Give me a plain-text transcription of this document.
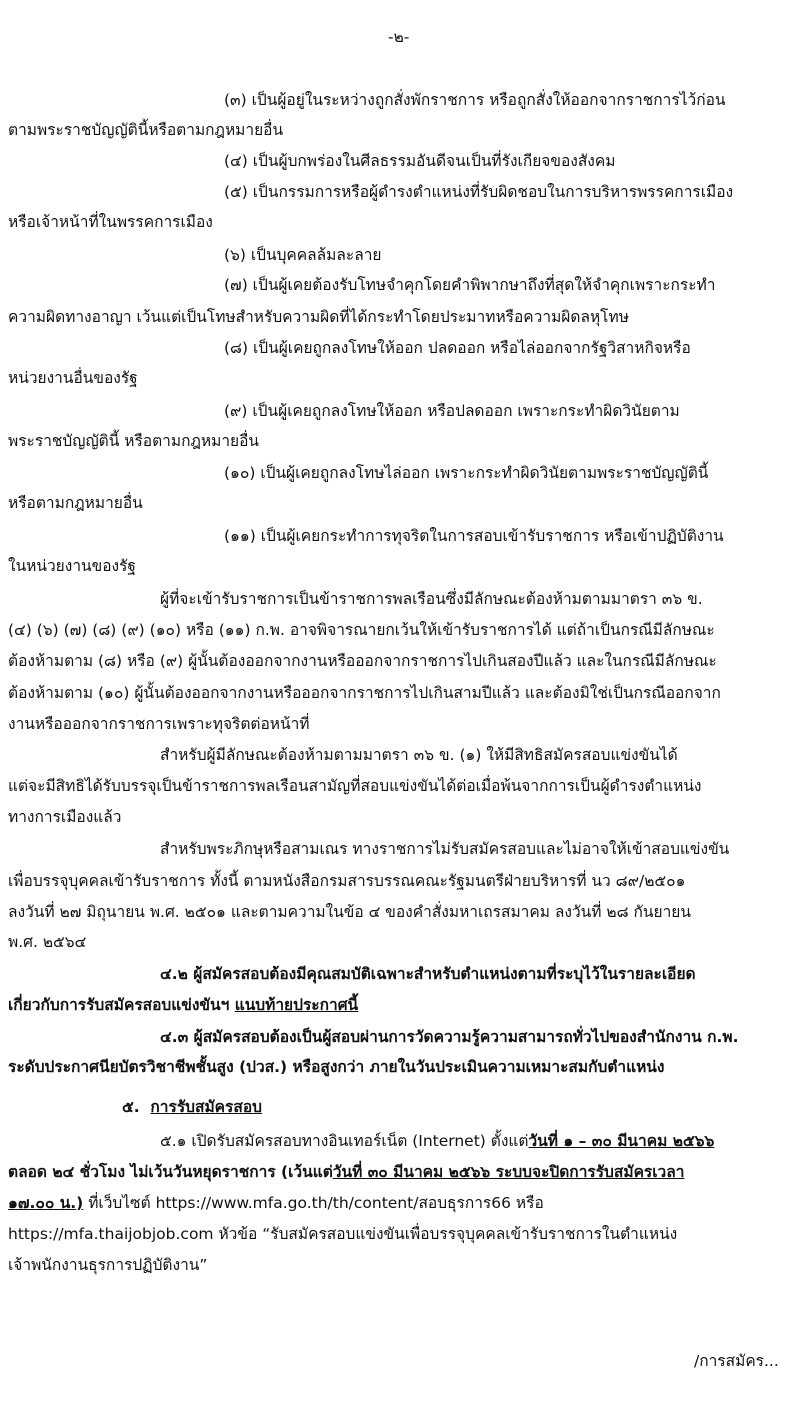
-๒-
(๓) เป็นผู้อยู่ในระหว่างถูกสั่งพักราชการ หรือถูกสั่งให้ออกจากราชการไว้ก่อน
ตามพระราชบัญญัตินี้หรือตามกฎหมายอื่น
(๔) เป็นผู้บกพร่องในศีลธรรมอันดีจนเป็นที่รังเกียจของสังคม
(๕) เป็นกรรมการหรือผู้ดำรงตำแหน่งที่รับผิดชอบในการบริหารพรรคการเมือง
หรือเจ้าหน้าที่ในพรรคการเมือง
(๖) เป็นบุคคลล้มละลาย
(๗) เป็นผู้เคยต้องรับโทษจำคุกโดยคำพิพากษาถึงที่สุดให้จำคุกเพราะกระทำ
ความผิดทางอาญา เว้นแต่เป็นโทษสำหรับความผิดที่ได้กระทำโดยประมาทหรือความผิดลหุโทษ
(๘) เป็นผู้เคยถูกลงโทษให้ออก ปลดออก หรือไล่ออกจากรัฐวิสาหกิจหรือ
หน่วยงานอื่นของรัฐ
(๙) เป็นผู้เคยถูกลงโทษให้ออก หรือปลดออก เพราะกระทำผิดวินัยตาม
พระราชบัญญัตินี้ หรือตามกฎหมายอื่น
(๑๐) เป็นผู้เคยถูกลงโทษไล่ออก เพราะกระทำผิดวินัยตามพระราชบัญญัตินี้
หรือตามกฎหมายอื่น
(๑๑) เป็นผู้เคยกระทำการทุจริตในการสอบเข้ารับราชการ หรือเข้าปฏิบัติงาน
ในหน่วยงานของรัฐ
ผู้ที่จะเข้ารับราชการเป็นข้าราชการพลเรือนซึ่งมีลักษณะต้องห้ามตามมาตรา ๓๖ ข.
(๔) (๖) (๗) (๘) (๙) (๑๐) หรือ (๑๑) ก.พ. อาจพิจารณายกเว้นให้เข้ารับราชการได้ แต่ถ้าเป็นกรณีมีลักษณะ
ต้องห้ามตาม (๘) หรือ (๙) ผู้นั้นต้องออกจากงานหรือออกจากราชการไปเกินสองปีแล้ว และในกรณีมีลักษณะ
ต้องห้ามตาม (๑๐) ผู้นั้นต้องออกจากงานหรือออกจากราชการไปเกินสามปีแล้ว และต้องมิใช่เป็นกรณีออกจาก
งานหรือออกจากราชการเพราะทุจริตต่อหน้าที่
สำหรับผู้มีลักษณะต้องห้ามตามมาตรา ๓๖ ข. (๑) ให้มีสิทธิสมัครสอบแข่งขันได้
แต่จะมีสิทธิได้รับบรรจุเป็นข้าราชการพลเรือนสามัญที่สอบแข่งขันได้ต่อเมื่อพ้นจากการเป็นผู้ดำรงตำแหน่ง
ทางการเมืองแล้ว
สำหรับพระภิกษุหรือสามเณร ทางราชการไม่รับสมัครสอบและไม่อาจให้เข้าสอบแข่งขัน
เพื่อบรรจุบุคคลเข้ารับราชการ ทั้งนี้ ตามหนังสือกรมสารบรรณคณะรัฐมนตรีฝ่ายบริหารที่ นว ๘๙/๒๕๐๑
ลงวันที่ ๒๗ มิถุนายน พ.ศ. ๒๕๐๑ และตามความในข้อ ๔ ของคำสั่งมหาเถรสมาคม ลงวันที่ ๒๘ กันยายน
พ.ศ. ๒๕๖๔
๔.๒ ผู้สมัครสอบต้องมีคุณสมบัติเฉพาะสำหรับตำแหน่งตามที่ระบุไว้ในรายละเอียด
เกี่ยวกับการรับสมัครสอบแข่งขันฯ แนบท้ายประกาศนี้
๔.๓ ผู้สมัครสอบต้องเป็นผู้สอบผ่านการวัดความรู้ความสามารถทั่วไปของสำนักงาน ก.พ.
ระดับประกาศนียบัตรวิชาชีพชั้นสูง (ปวส.) หรือสูงกว่า ภายในวันประเมินความเหมาะสมกับตำแหน่ง
๕. การรับสมัครสอบ
๕.๑ เปิดรับสมัครสอบทางอินเทอร์เน็ต (Internet) ตั้งแต่วันที่ ๑ – ๓๐ มีนาคม ๒๕๖๖
ตลอด ๒๔ ชั่วโมง ไม่เว้นวันหยุดราชการ (เว้นแต่วันที่ ๓๐ มีนาคม ๒๕๖๖ ระบบจะปิดการรับสมัครเวลา
๑๗.๐๐ น.) ที่เว็บไซต์ https://www.mfa.go.th/th/content/สอบธุรการ66 หรือ
https://mfa.thaijobjob.com หัวข้อ “รับสมัครสอบแข่งขันเพื่อบรรจุบุคคลเข้ารับราชการในตำแหน่ง
เจ้าพนักงานธุรการปฏิบัติงาน”
/การสมัคร...
